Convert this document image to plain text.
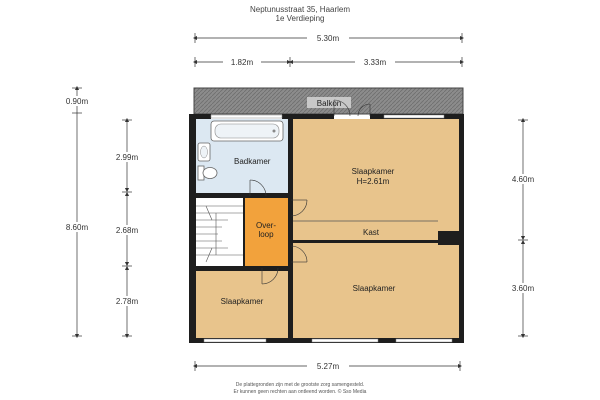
Neptunusstraat 35, Haarlem
1e Verdieping
5.30m
1.82m	3.33m
0.90m
8.60m
2.99m
2.68m
2.78m
4.60m
3.60m
5.27m
Balkon
Badkamer
Over-
loop
Slaapkamer
H=2.61m
Kast
Slaapkamer
Slaapkamer
De plattegronden zijn met de grootste zorg samengesteld.
Er kunnen geen rechten aan ontleend worden. © Sso Media
